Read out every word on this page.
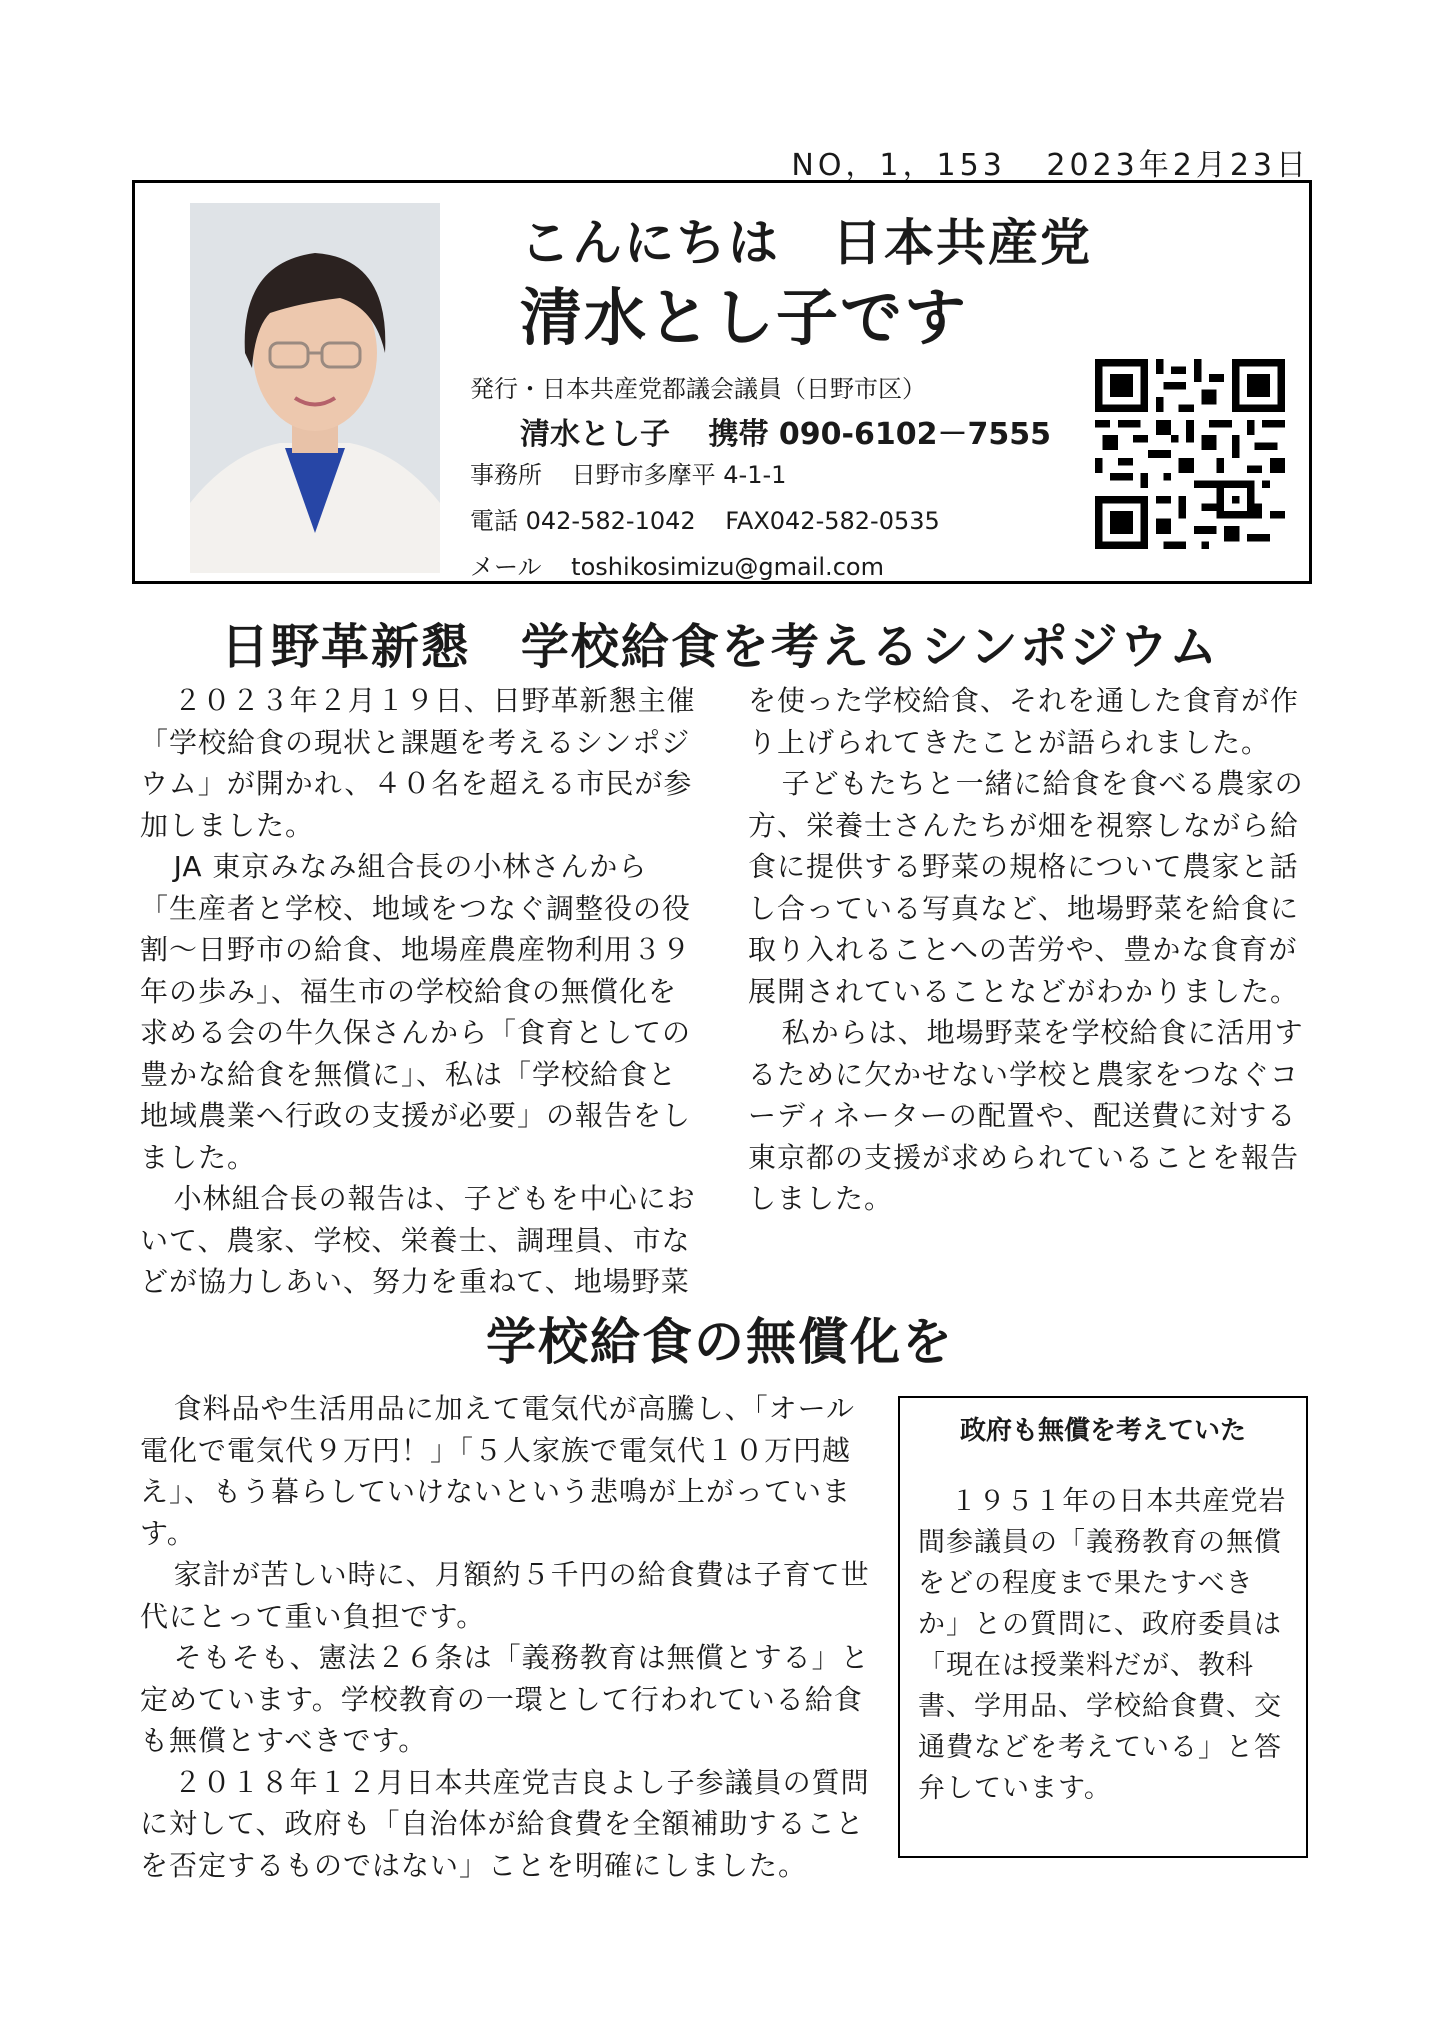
NO，1，153 2023年2月23日
こんにちは　日本共産党
清水とし子です
発行・日本共産党都議会議員（日野市区）
清水とし子 携帯 090-6102－7555
事務所 日野市多摩平 4-1-1
電話 042-582-1042 FAX042-582-0535
メール toshikosimizu@gmail.com
日野革新懇　学校給食を考えるシンポジウム

２０２３年２月１９日、日野革新懇主催「学校給食の現状と課題を考えるシンポジウム」が開かれ、４０名を超える市民が参加しました。

JA 東京みなみ組合長の小林さんから「生産者と学校、地域をつなぐ調整役の役割～日野市の給食、地場産農産物利用３９年の歩み」、福生市の学校給食の無償化を求める会の牛久保さんから「食育としての豊かな給食を無償に」、私は「学校給食と地域農業へ行政の支援が必要」の報告をしました。

小林組合長の報告は、子どもを中心において、農家、学校、栄養士、調理員、市などが協力しあい、努力を重ねて、地場野菜

を使った学校給食、それを通した食育が作り上げられてきたことが語られました。

子どもたちと一緒に給食を食べる農家の方、栄養士さんたちが畑を視察しながら給食に提供する野菜の規格について農家と話し合っている写真など、地場野菜を給食に取り入れることへの苦労や、豊かな食育が展開されていることなどがわかりました。

私からは、地場野菜を学校給食に活用するために欠かせない学校と農家をつなぐコーディネーターの配置や、配送費に対する東京都の支援が求められていることを報告しました。

学校給食の無償化を

食料品や生活用品に加えて電気代が高騰し、「オール電化で電気代９万円！」「５人家族で電気代１０万円越え」、もう暮らしていけないという悲鳴が上がっています。

家計が苦しい時に、月額約５千円の給食費は子育て世代にとって重い負担です。

そもそも、憲法２６条は「義務教育は無償とする」と定めています。学校教育の一環として行われている給食も無償とすべきです。

２０１８年１２月日本共産党吉良よし子参議員の質問に対して、政府も「自治体が給食費を全額補助することを否定するものではない」ことを明確にしました。

政府も無償を考えていた
１９５１年の日本共産党岩間参議員の「義務教育の無償をどの程度まで果たすべきか」との質問に、政府委員は「現在は授業料だが、教科書、学用品、学校給食費、交通費などを考えている」と答弁しています。
